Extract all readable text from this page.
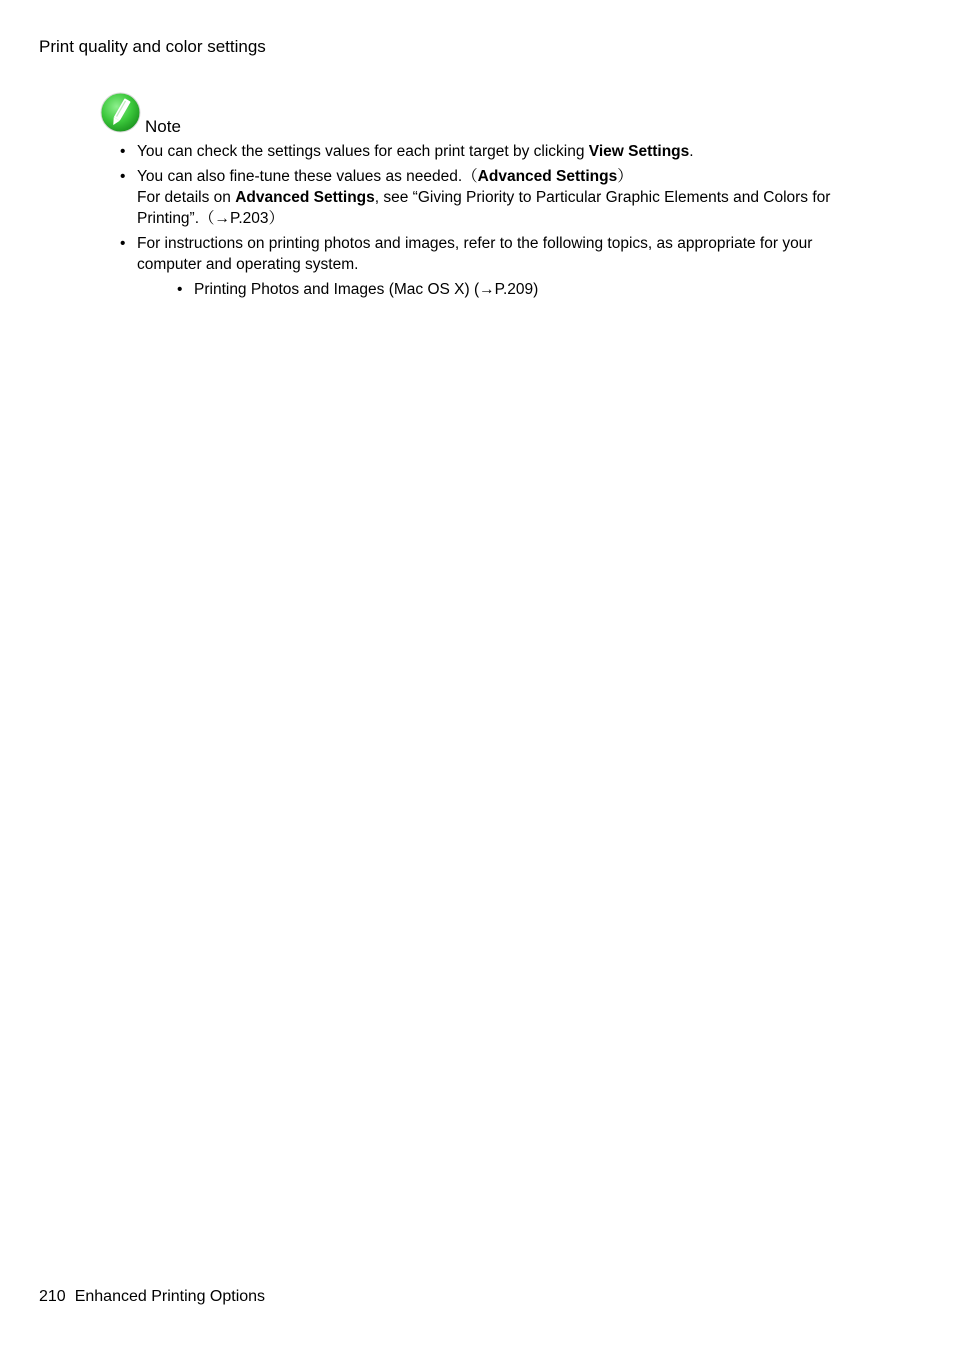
Print quality and color settings
Note
• You can check the settings values for each print target by clicking View Settings.
• You can also fine-tune these values as needed.（Advanced Settings）
For details on Advanced Settings, see “Giving Priority to Particular Graphic Elements and Colors for Printing”.（→P.203）
• For instructions on printing photos and images, refer to the following topics, as appropriate for your computer and operating system.
• Printing Photos and Images (Mac OS X) (→P.209)
210 Enhanced Printing Options
